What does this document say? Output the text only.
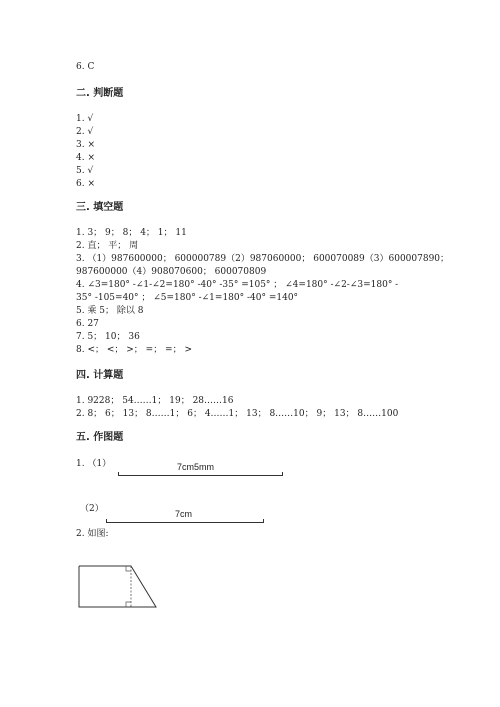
6. C
二. 判断题
1. √
2. √
3. ×
4. ×
5. √
6. ×
三. 填空题
1. 3； 9； 8； 4； 1； 11
2. 直； 平； 周
3. （1）987600000； 600000789（2）987060000； 600070089（3）600007890；
987600000（4）908070600； 600070809
4. ∠3=180° -∠1-∠2=180° -40° -35° =105° ； ∠4=180° -∠2-∠3=180° -
35° -105=40° ； ∠5=180° -∠1=180° -40° =140°
5. 乘 5； 除以 8
6. 27
7. 5； 10； 36
8. <； <； >； =； =； >
四. 计算题
1. 9228； 54……1； 19； 28……16
2. 8； 6； 13； 8……1； 6； 4……1； 13； 8……10； 9； 13； 8……100
五. 作图题
1. （1）	7cm5mm
（2）	7cm
2. 如图:
